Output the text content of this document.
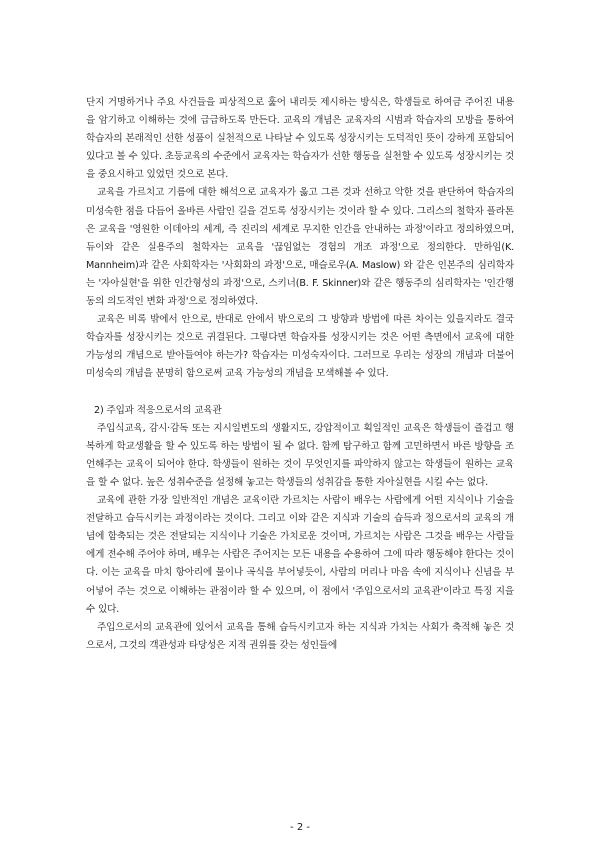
단지 거명하거나 주요 사건들을 피상적으로 훑어 내리듯 제시하는 방식은, 학생들로 하여금 주어진 내용을 암기하고 이해하는 것에 급급하도록 만든다. 교육의 개념은 교육자의 시범과 학습자의 모방을 통하여 학습자의 본래적인 선한 성품이 실천적으로 나타날 수 있도록 성장시키는 도덕적인 뜻이 강하게 포함되어 있다고 볼 수 있다. 초등교육의 수준에서 교육자는 학습자가 선한 행동을 실천할 수 있도록 성장시키는 것을 중요시하고 있었던 것으로 본다.

교육을 가르치고 기름에 대한 해석으로 교육자가 옳고 그른 것과 선하고 악한 것을 판단하여 학습자의 미성숙한 점을 다듬어 올바른 사람인 길을 걷도록 성장시키는 것이라 할 수 있다. 그리스의 철학자 플라톤은 교육을 '영원한 이데아의 세계, 즉 진리의 세계로 무지한 인간을 안내하는 과정'이라고 정의하였으며, 듀이와 같은 실용주의 철학자는 교육을 '끊임없는 경험의 개조 과정'으로 정의한다. 만하임(K. Mannheim)과 같은 사회학자는 '사회화의 과정'으로, 매슬로우(A. Maslow) 와 같은 인본주의 심리학자는 '자아실현'을 위한 인간형성의 과정'으로, 스키너(B. F. Skinner)와 같은 행동주의 심리학자는 '인간행동의 의도적인 변화 과정'으로 정의하였다.

교육은 비록 밖에서 안으로, 반대로 안에서 밖으로의 그 방향과 방법에 따른 차이는 있을지라도 결국 학습자를 성장시키는 것으로 귀결된다. 그렇다면 학습자를 성장시키는 것은 어떤 측면에서 교육에 대한 가능성의 개념으로 받아들여야 하는가? 학습자는 미성숙자이다. 그러므로 우리는 성장의 개념과 더불어 미성숙의 개념을 분명히 함으로써 교육 가능성의 개념을 모색해볼 수 있다.

2) 주입과 적응으로서의 교육관

주입식교육, 감시·감독 또는 지시일변도의 생활지도, 강압적이고 획일적인 교육은 학생들이 즐겁고 행복하게 학교생활을 할 수 있도록 하는 방법이 될 수 없다. 함께 탐구하고 함께 고민하면서 바른 방향을 조언해주는 교육이 되어야 한다. 학생들이 원하는 것이 무엇인지를 파악하지 않고는 학생들이 원하는 교육을 할 수 없다. 높은 성취수준을 설정해 놓고는 학생들의 성취감을 통한 자아실현을 시킬 수는 없다.

교육에 관한 가장 일반적인 개념은 교육이란 가르치는 사람이 배우는 사람에게 어떤 지식이나 기술을 전달하고 습득시키는 과정이라는 것이다. 그리고 이와 같은 지식과 기술의 습득과 정으로서의 교육의 개념에 함축되는 것은 전달되는 지식이나 기술은 가치로운 것이며, 가르치는 사람은 그것을 배우는 사람들에게 전수해 주어야 하며, 배우는 사람은 주어지는 모든 내용을 수용하여 그에 따라 행동해야 한다는 것이다. 이는 교육을 마치 항아리에 물이나 곡식을 부어넣듯이, 사람의 머리나 마음 속에 지식이나 신념을 부어넣어 주는 것으로 이해하는 관점이라 할 수 있으며, 이 점에서 '주입으로서의 교육관'이라고 특징 지을 수 있다.

주입으로서의 교육관에 있어서 교육을 통해 습득시키고자 하는 지식과 가치는 사회가 축적해 놓은 것으로서, 그것의 객관성과 타당성은 지적 권위를 갖는 성인들에

- 2 -
